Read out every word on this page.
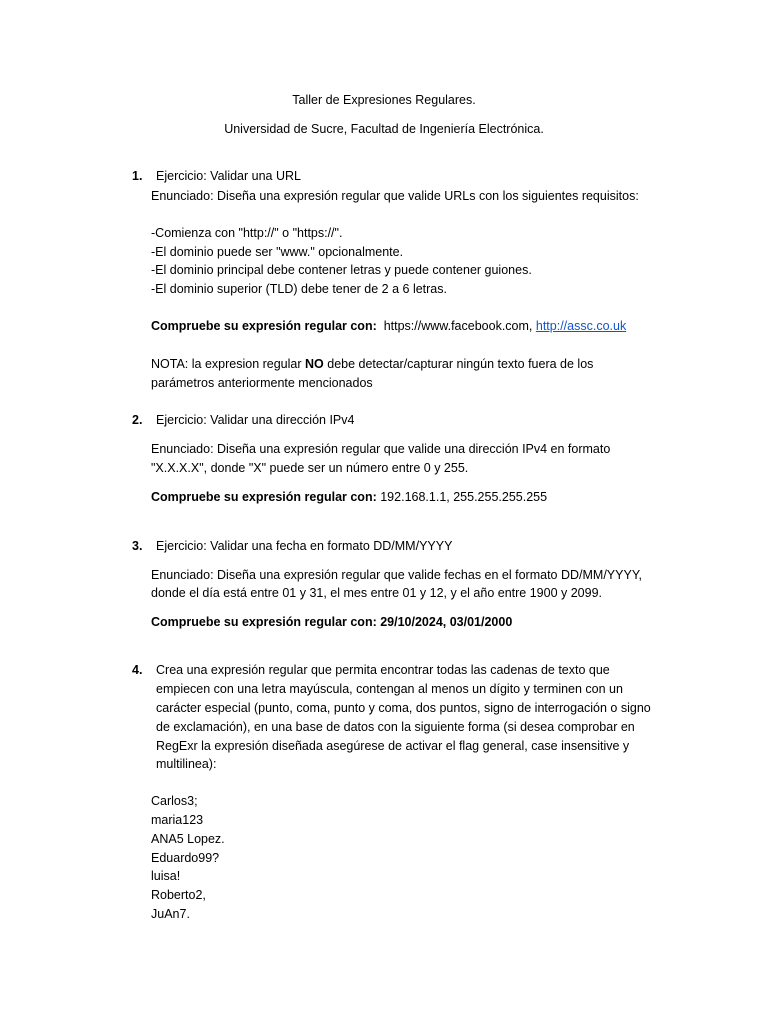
Taller de Expresiones Regulares.
Universidad de Sucre, Facultad de Ingeniería Electrónica.
1. Ejercicio: Validar una URL
Enunciado: Diseña una expresión regular que valide URLs con los siguientes requisitos:
-Comienza con "http://" o "https://".
-El dominio puede ser "www." opcionalmente.
-El dominio principal debe contener letras y puede contener guiones.
-El dominio superior (TLD) debe tener de 2 a 6 letras.
Compruebe su expresión regular con: https://www.facebook.com, http://assc.co.uk
NOTA: la expresion regular NO debe detectar/capturar ningún texto fuera de los
parámetros anteriormente mencionados
2. Ejercicio: Validar una dirección IPv4
Enunciado: Diseña una expresión regular que valide una dirección IPv4 en formato
"X.X.X.X", donde "X" puede ser un número entre 0 y 255.
Compruebe su expresión regular con: 192.168.1.1, 255.255.255.255
3. Ejercicio: Validar una fecha en formato DD/MM/YYYY
Enunciado: Diseña una expresión regular que valide fechas en el formato DD/MM/YYYY,
donde el día está entre 01 y 31, el mes entre 01 y 12, y el año entre 1900 y 2099.
Compruebe su expresión regular con: 29/10/2024, 03/01/2000
4. Crea una expresión regular que permita encontrar todas las cadenas de texto que
empiecen con una letra mayúscula, contengan al menos un dígito y terminen con un
carácter especial (punto, coma, punto y coma, dos puntos, signo de interrogación o signo
de exclamación), en una base de datos con la siguiente forma (si desea comprobar en
RegExr la expresión diseñada asegúrese de activar el flag general, case insensitive y
multilinea):
Carlos3;
maria123
ANA5 Lopez.
Eduardo99?
luisa!
Roberto2,
JuAn7.
